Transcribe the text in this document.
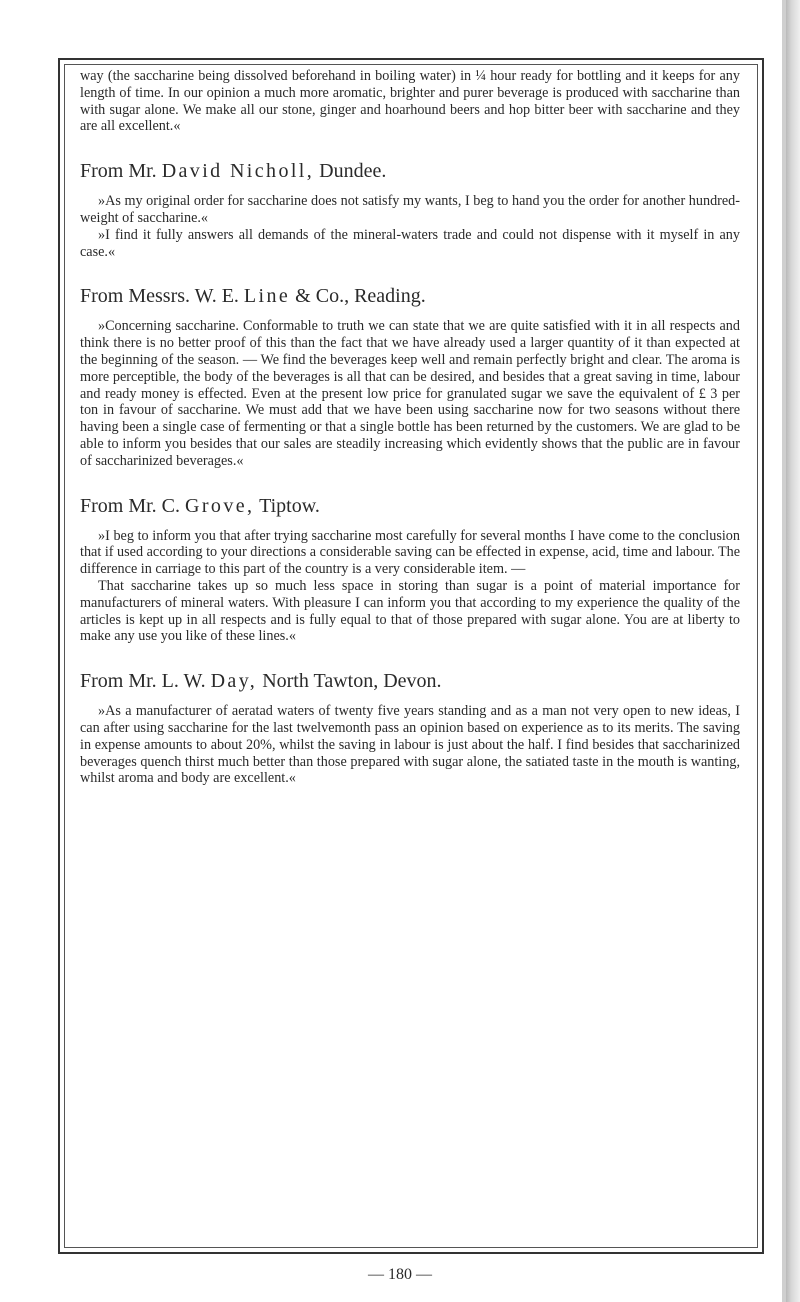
way (the saccharine being dissolved beforehand in boiling water) in ¼ hour ready for bottling and it keeps for any length of time. In our opinion a much more aromatic, brighter and purer beverage is produced with saccharine than with sugar alone. We make all our stone, ginger and hoarhound beers and hop bitter beer with saccharine and they are all excellent.«

From Mr. David Nicholl, Dundee.

»As my original order for saccharine does not satisfy my wants, I beg to hand you the order for another hundred-weight of saccharine.«

»I find it fully answers all demands of the mineral-waters trade and could not dispense with it myself in any case.«

From Messrs. W. E. Line & Co., Reading.

»Concerning saccharine. Conformable to truth we can state that we are quite satisfied with it in all respects and think there is no better proof of this than the fact that we have already used a larger quantity of it than expected at the beginning of the season. — We find the beverages keep well and remain perfectly bright and clear. The aroma is more perceptible, the body of the beverages is all that can be desired, and besides that a great saving in time, labour and ready money is effected. Even at the present low price for granulated sugar we save the equivalent of £ 3 per ton in favour of saccharine. We must add that we have been using saccharine now for two seasons without there having been a single case of fermenting or that a single bottle has been returned by the customers. We are glad to be able to inform you besides that our sales are steadily increasing which evidently shows that the public are in favour of saccharinized beverages.«

From Mr. C. Grove, Tiptow.

»I beg to inform you that after trying saccharine most carefully for several months I have come to the conclusion that if used according to your directions a considerable saving can be effected in expense, acid, time and labour. The difference in carriage to this part of the country is a very considerable item. —

That saccharine takes up so much less space in storing than sugar is a point of material importance for manufacturers of mineral waters. With pleasure I can inform you that according to my experience the quality of the articles is kept up in all respects and is fully equal to that of those prepared with sugar alone. You are at liberty to make any use you like of these lines.«

From Mr. L. W. Day, North Tawton, Devon.

»As a manufacturer of aeratad waters of twenty five years standing and as a man not very open to new ideas, I can after using saccharine for the last twelvemonth pass an opinion based on experience as to its merits. The saving in expense amounts to about 20%, whilst the saving in labour is just about the half. I find besides that saccharinized beverages quench thirst much better than those prepared with sugar alone, the satiated taste in the mouth is wanting, whilst aroma and body are excellent.«

— 180 —
